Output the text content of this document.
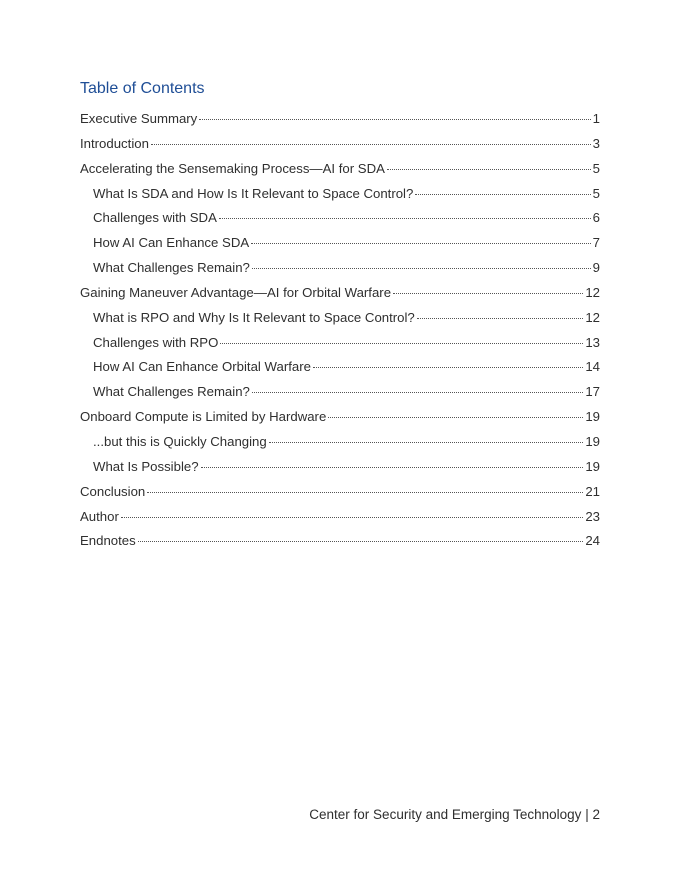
Table of Contents
Executive Summary	1
Introduction	3
Accelerating the Sensemaking Process—AI for SDA	5
What Is SDA and How Is It Relevant to Space Control?	5
Challenges with SDA	6
How AI Can Enhance SDA	7
What Challenges Remain?	9
Gaining Maneuver Advantage—AI for Orbital Warfare	12
What is RPO and Why Is It Relevant to Space Control?	12
Challenges with RPO	13
How AI Can Enhance Orbital Warfare	14
What Challenges Remain?	17
Onboard Compute is Limited by Hardware	19
...but this is Quickly Changing	19
What Is Possible?	19
Conclusion	21
Author	23
Endnotes	24
Center for Security and Emerging Technology | 2
